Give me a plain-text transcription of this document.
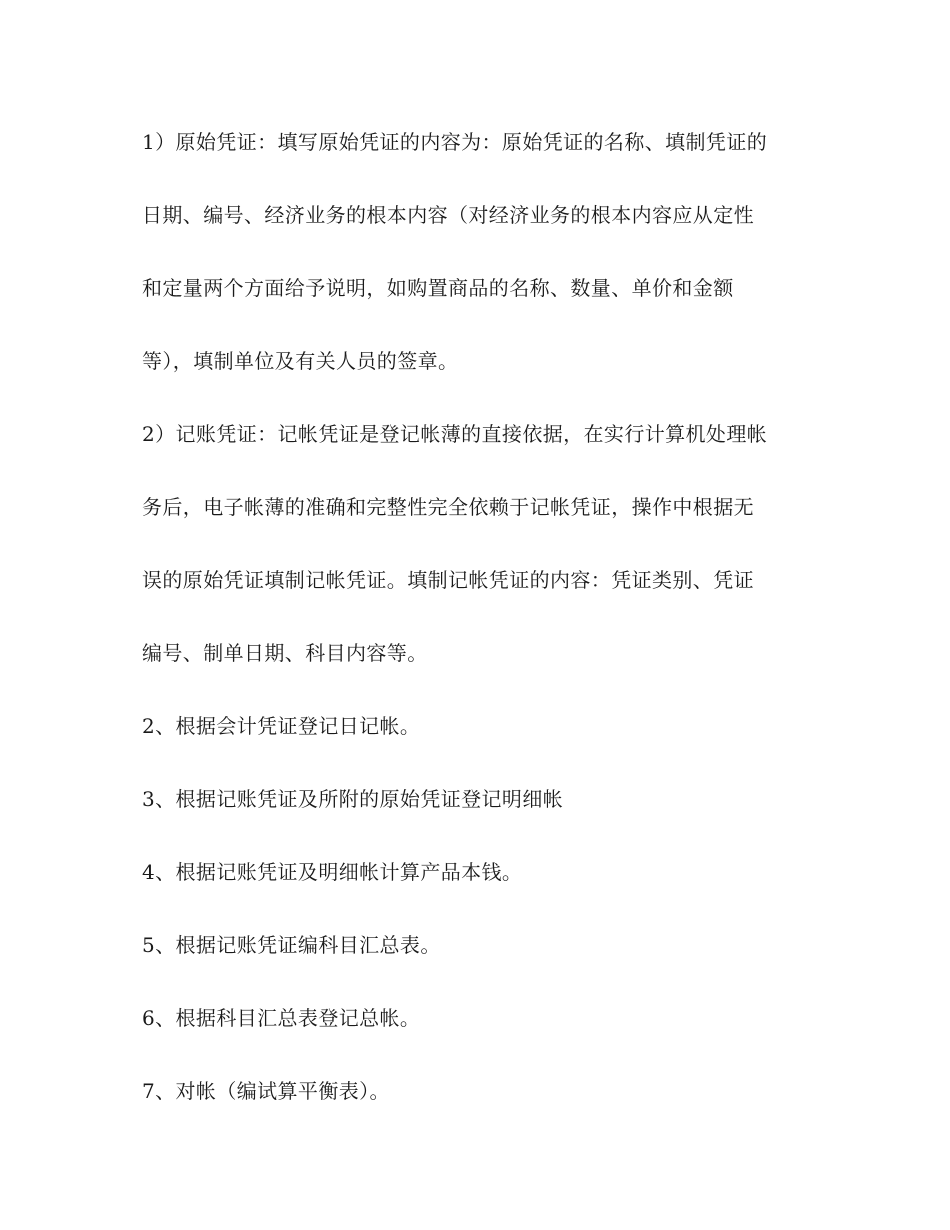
1）原始凭证：填写原始凭证的内容为：原始凭证的名称、填制凭证的
日期、编号、经济业务的根本内容（对经济业务的根本内容应从定性
和定量两个方面给予说明，如购置商品的名称、数量、单价和金额
等），填制单位及有关人员的签章。
2）记账凭证：记帐凭证是登记帐薄的直接依据，在实行计算机处理帐
务后，电子帐薄的准确和完整性完全依赖于记帐凭证，操作中根据无
误的原始凭证填制记帐凭证。填制记帐凭证的内容：凭证类别、凭证
编号、制单日期、科目内容等。
2、根据会计凭证登记日记帐。
3、根据记账凭证及所附的原始凭证登记明细帐
4、根据记账凭证及明细帐计算产品本钱。
5、根据记账凭证编科目汇总表。
6、根据科目汇总表登记总帐。
7、对帐（编试算平衡表）。
